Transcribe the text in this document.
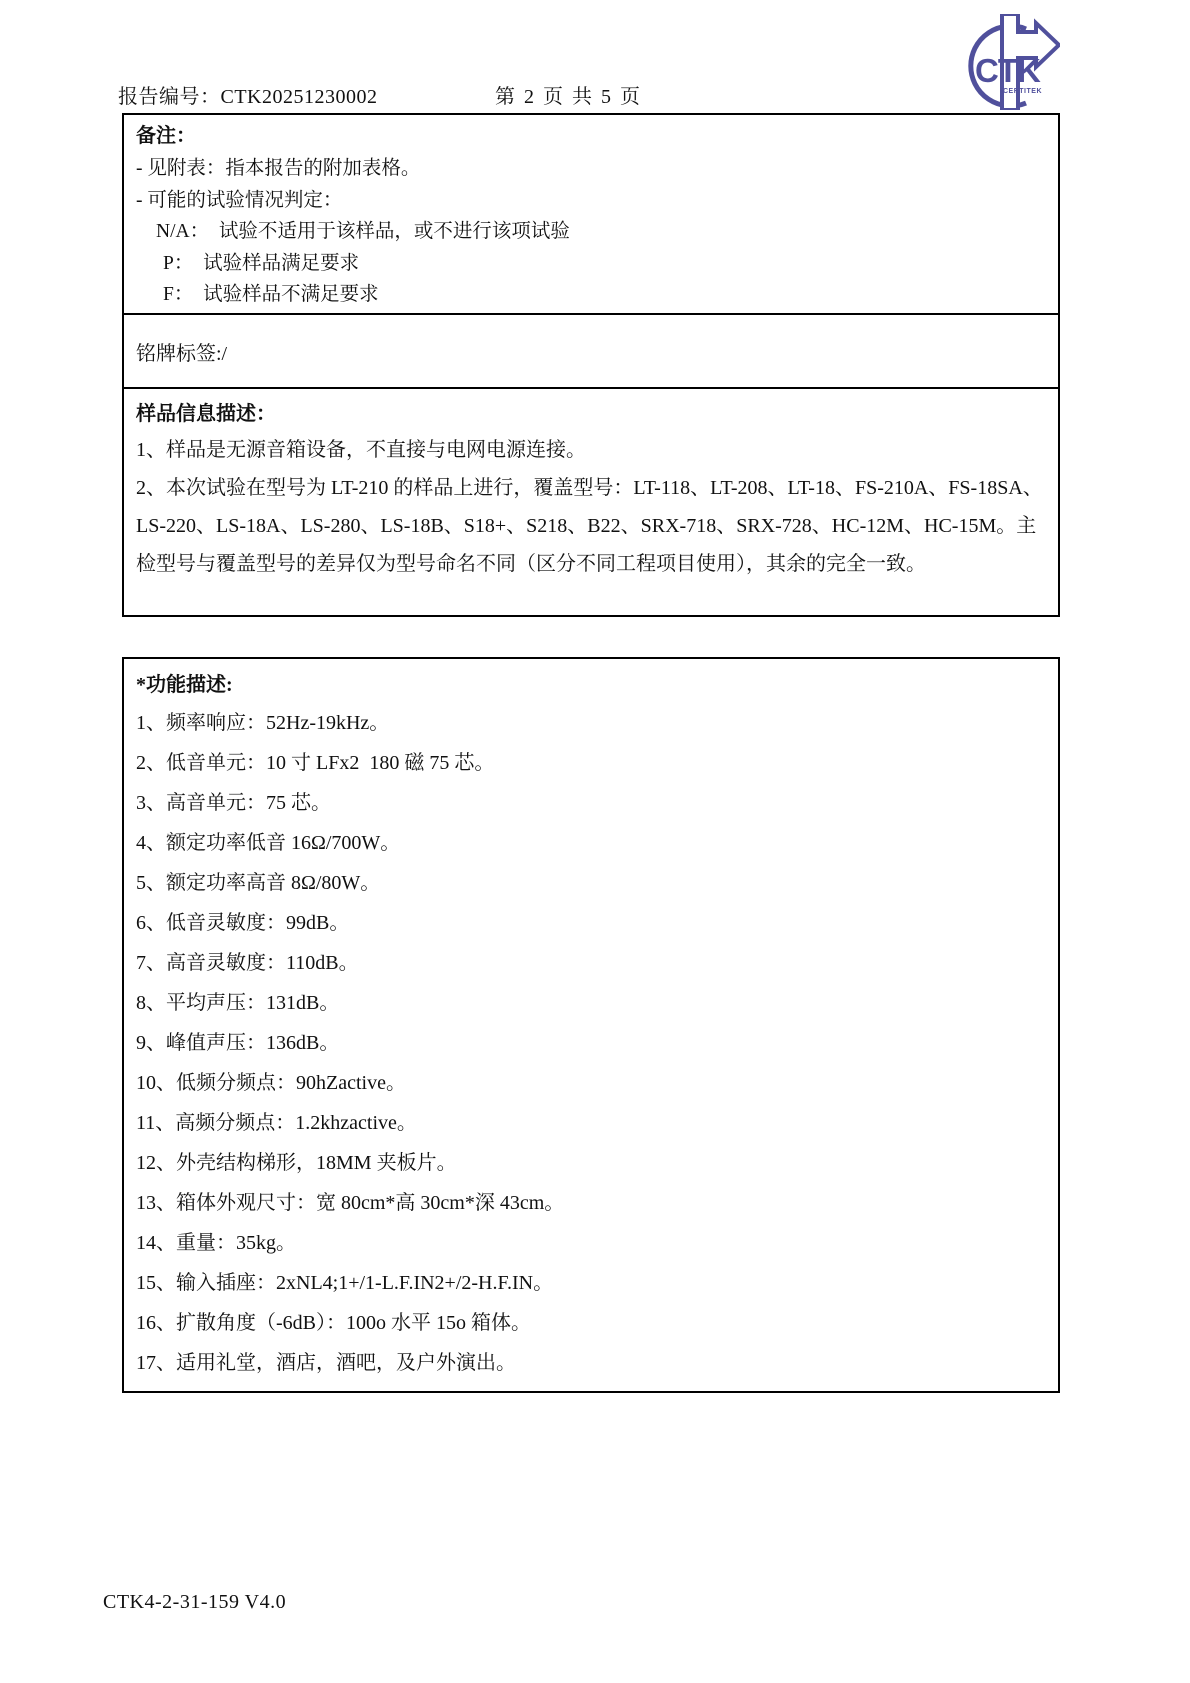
报告编号：CTK20251230002	第 2 页 共 5 页
CTK
CERTITEK
备注：
- 见附表：指本报告的附加表格。
- 可能的试验情况判定：
N/A：  试验不适用于该样品，或不进行该项试验
P：  试验样品满足要求
F：  试验样品不满足要求
铭牌标签:/
样品信息描述：
1、样品是无源音箱设备，不直接与电网电源连接。
2、本次试验在型号为 LT-210 的样品上进行，覆盖型号：LT-118、LT-208、LT-18、FS-210A、FS-18SA、LS-220、LS-18A、LS-280、LS-18B、S18+、S218、B22、SRX-718、SRX-728、HC-12M、HC-15M。主检型号与覆盖型号的差异仅为型号命名不同（区分不同工程项目使用），其余的完全一致。
*功能描述:
1、频率响应：52Hz-19kHz。
2、低音单元：10 寸 LFx2  180 磁 75 芯。
3、高音单元：75 芯。
4、额定功率低音 16Ω/700W。
5、额定功率高音 8Ω/80W。
6、低音灵敏度：99dB。
7、高音灵敏度：110dB。
8、平均声压：131dB。
9、峰值声压：136dB。
10、低频分频点：90hZactive。
11、高频分频点：1.2khzactive。
12、外壳结构梯形，18MM 夹板片。
13、箱体外观尺寸：宽 80cm*高 30cm*深 43cm。
14、重量：35kg。
15、输入插座：2xNL4;1+/1-L.F.IN2+/2-H.F.IN。
16、扩散角度（-6dB）：100o 水平 15o 箱体。
17、适用礼堂，酒店，酒吧，及户外演出。
CTK4-2-31-159 V4.0
